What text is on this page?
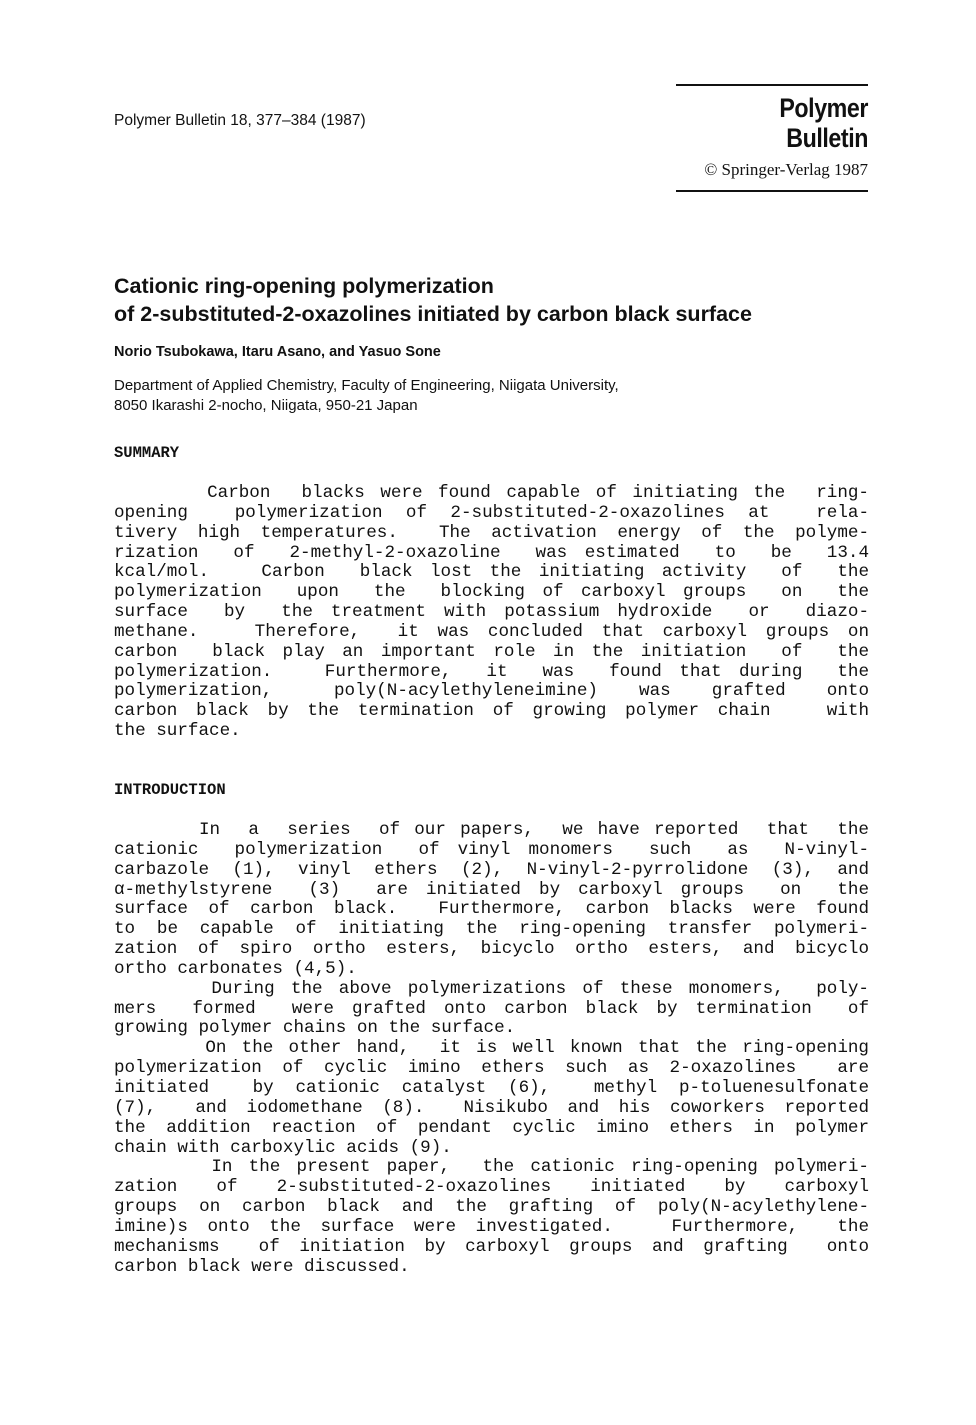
Polymer Bulletin 18, 377–384 (1987)	Polymer Bulletin
© Springer-Verlag 1987
Cationic ring-opening polymerization
of 2-substituted-2-oxazolines initiated by carbon black surface
Norio Tsubokawa, Itaru Asano, and Yasuo Sone
Department of Applied Chemistry, Faculty of Engineering, Niigata University,
8050 Ikarashi 2-nocho, Niigata, 950-21 Japan
SUMMARY
Carbon  blacks were found capable of initiating the  ring-
opening  polymerization of 2-substituted-2-oxazolines at  rela-
tivery high temperatures.  The activation energy of the polyme-
rization  of  2-methyl-2-oxazoline  was estimated  to  be  13.4
kcal/mol.   Carbon  black lost the initiating activity  of  the
polymerization  upon  the  blocking of carboxyl groups  on  the
surface  by  the treatment with potassium hydroxide  or  diazo-
methane.   Therefore,  it was concluded that carboxyl groups on
carbon  black play an important role in the initiation  of  the
polymerization.   Furthermore,  it  was  found that during  the
polymerization,   poly(N-acylethyleneimine)  was  grafted  onto
carbon black by the termination of growing polymer chain   with
the surface.
INTRODUCTION
In  a  series  of our papers,  we have reported  that  the
cationic  polymerization  of vinyl monomers  such  as  N-vinyl-
carbazole (1), vinyl ethers (2), N-vinyl-2-pyrrolidone (3), and
α-methylstyrene  (3)  are initiated by carboxyl groups  on  the
surface of carbon black.  Furthermore, carbon blacks were found
to be capable of initiating the ring-opening transfer polymeri-
zation of spiro ortho esters, bicyclo ortho esters, and bicyclo
ortho carbonates (4,5).
During the above polymerizations of these monomers,  poly-
mers  formed  were grafted onto carbon black by termination  of
growing polymer chains on the surface.
On the other hand,  it is well known that the ring-opening
polymerization of cyclic imino ethers such as 2-oxazolines  are
initiated  by cationic catalyst (6),  methyl p-toluenesulfonate
(7),  and iodomethane (8).  Nisikubo and his coworkers reported
the addition reaction of pendant cyclic imino ethers in polymer
chain with carboxylic acids (9).
In the present paper,  the cationic ring-opening polymeri-
zation  of  2-substituted-2-oxazolines  initiated  by  carboxyl
groups on carbon black and the grafting of poly(N-acylethylene-
imine)s onto the surface were investigated.   Furthermore,  the
mechanisms  of initiation by carboxyl groups and grafting  onto
carbon black were discussed.
